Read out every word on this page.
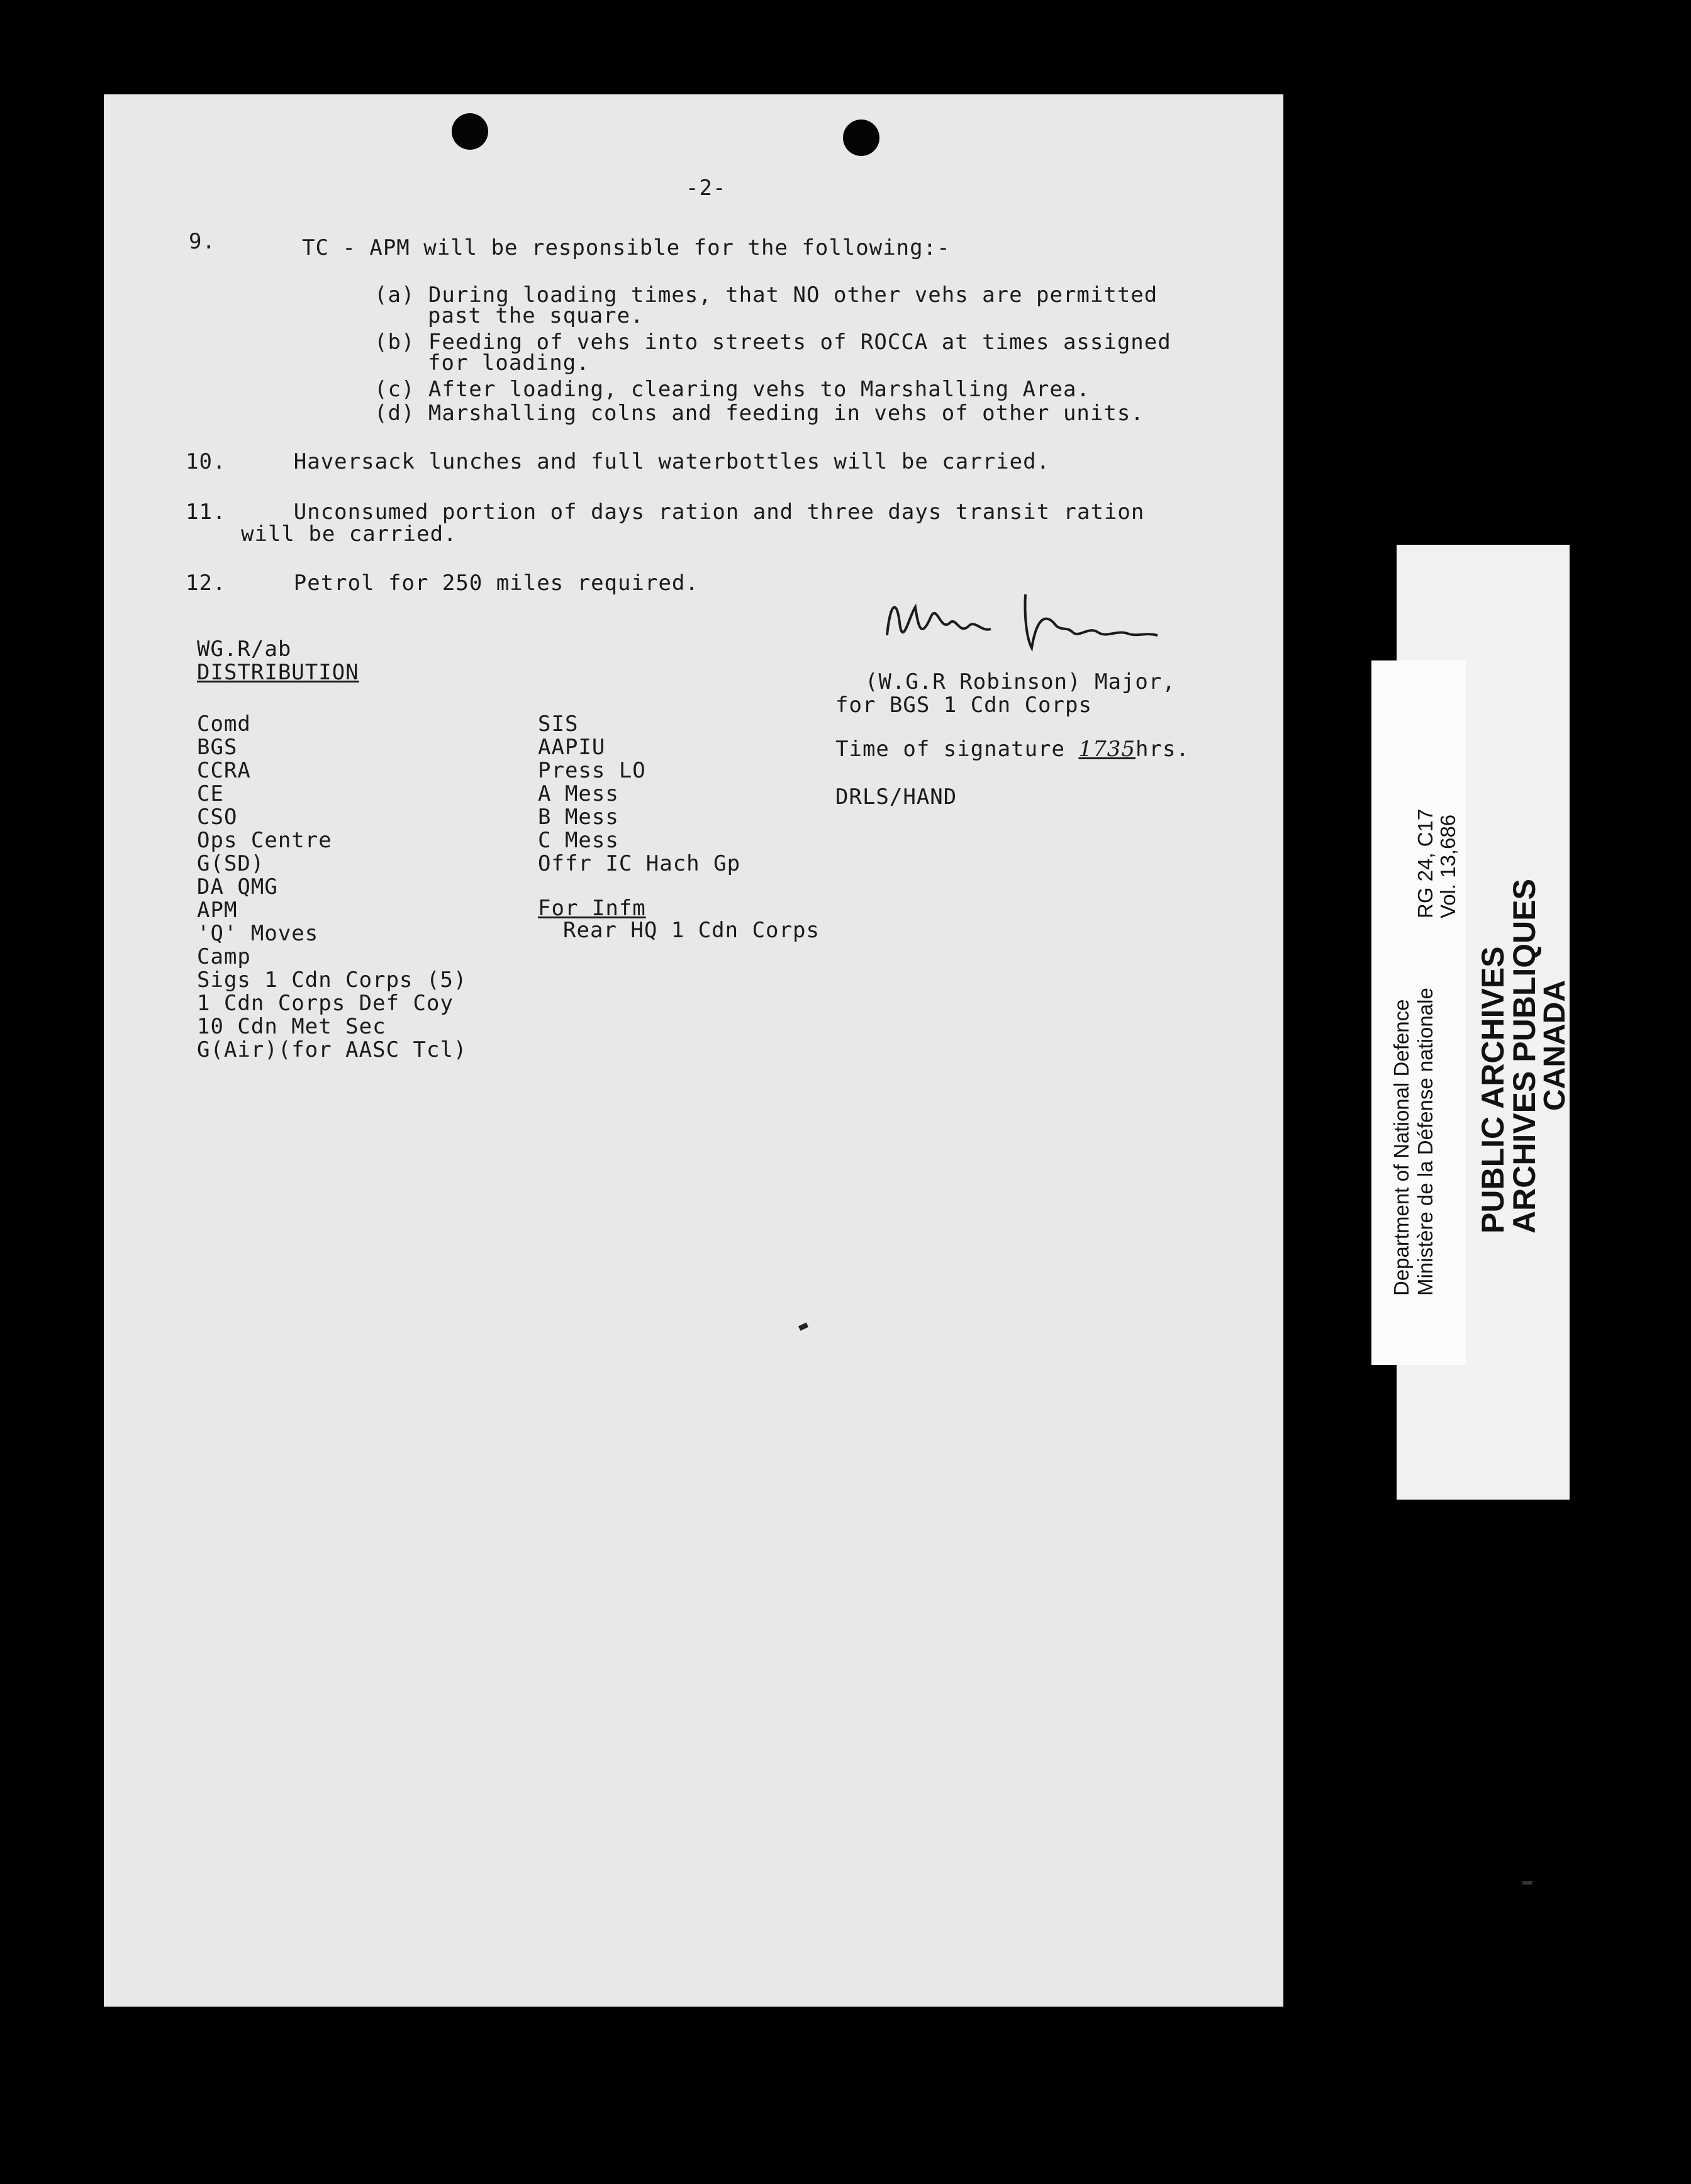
-2-
9.	TC - APM will be responsible for the following:-
(a) During loading times, that NO other vehs are permitted
past the square.
(b) Feeding of vehs into streets of ROCCA at times assigned
for loading.
(c) After loading, clearing vehs to Marshalling Area.
(d) Marshalling colns and feeding in vehs of other units.
10.     Haversack lunches and full waterbottles will be carried.
11.     Unconsumed portion of days ration and three days transit ration
will be carried.
12.     Petrol for 250 miles required.
WG.R/ab
DISTRIBUTION
Comd
BGS
CCRA
CE
CSO
Ops Centre
G(SD)
DA QMG
APM
'Q' Moves
Camp
Sigs 1 Cdn Corps (5)
1 Cdn Corps Def Coy
10 Cdn Met Sec
G(Air)(for AASC Tcl)
SIS
AAPIU
Press LO
A Mess
B Mess
C Mess
Offr IC Hach Gp
For Infm
Rear HQ 1 Cdn Corps
(W.G.R Robinson) Major,
for BGS 1 Cdn Corps
Time of signature 1735hrs.
DRLS/HAND
PUBLIC ARCHIVES
ARCHIVES PUBLIQUES
CANADA
Department of National Defence Ministère de la Défense nationale
RG 24, C17 Vol. 13,686
